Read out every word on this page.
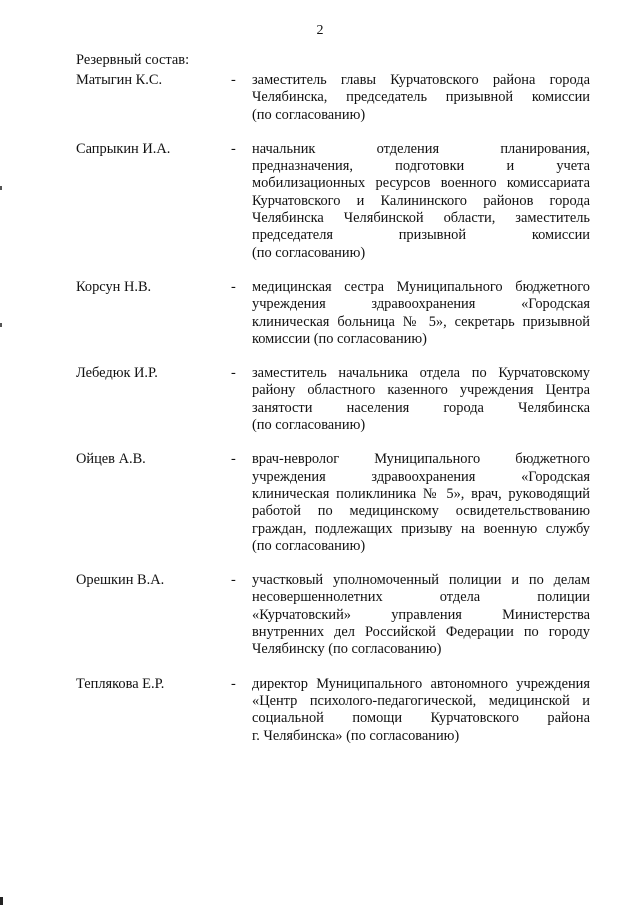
2
Резервный состав:
Матыгин К.С.	-	заместитель главы Курчатовского района города
Челябинска, председатель призывной комиссии
(по согласованию)
Сапрыкин И.А.	-	начальник отделения планирования,
предназначения, подготовки и учета
мобилизационных ресурсов военного комиссариата
Курчатовского и Калининского районов города
Челябинска Челябинской области, заместитель
председателя призывной комиссии
(по согласованию)
Корсун Н.В.	-	медицинская сестра Муниципального бюджетного
учреждения здравоохранения «Городская
клиническая больница № 5», секретарь призывной
комиссии (по согласованию)
Лебедюк И.Р.	-	заместитель начальника отдела по Курчатовскому
району областного казенного учреждения Центра
занятости населения города Челябинска
(по согласованию)
Ойцев А.В.	-	врач-невролог Муниципального бюджетного
учреждения здравоохранения «Городская
клиническая поликлиника № 5», врач, руководящий
работой по медицинскому освидетельствованию
граждан, подлежащих призыву на военную службу
(по согласованию)
Орешкин В.А.	-	участковый уполномоченный полиции и по делам
несовершеннолетних отдела полиции
«Курчатовский» управления Министерства
внутренних дел Российской Федерации по городу
Челябинску (по согласованию)
Теплякова Е.Р.	-	директор Муниципального автономного учреждения
«Центр психолого-педагогической, медицинской и
социальной помощи Курчатовского района
г. Челябинска» (по согласованию)
